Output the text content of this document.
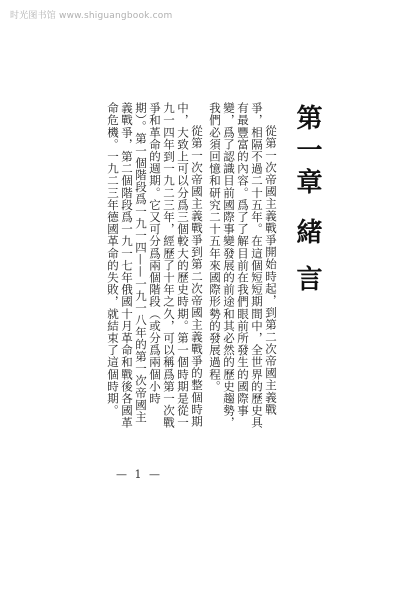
时光图书馆 www.shiguangbook.com
第一章緒 言

從第一次帝國主義戰爭開始時起，到第二次帝國主義戰爭，相隔不過二十五年。在這個短短期間中，全世界的歷史具有最豐富的內容。爲了了解目前在我們眼前所發生的國際事變，爲了認識目前國際事變發展的前途和其必然的歷史趨勢，我們必須回憶和研究二十五年來國際形勢的發展過程。

從第一次帝國主義戰爭到第二次帝國主義戰爭的整個時期中，大致上可以分爲三個較大的歷史時期。第一個時期是從一九一四年到一九二三年，經歷了十年之久，可以稱爲第一次戰爭和革命的週期。它又可分爲兩個階段（或分爲兩個小時期）。第一個階段爲一九一四——一九一八年的第一次帝國主義戰爭，第二個階段爲一九一七年俄國十月革命和戰後各國革命危機。一九二三年德國革命的失敗，就結束了這個時期。

— 1 —
